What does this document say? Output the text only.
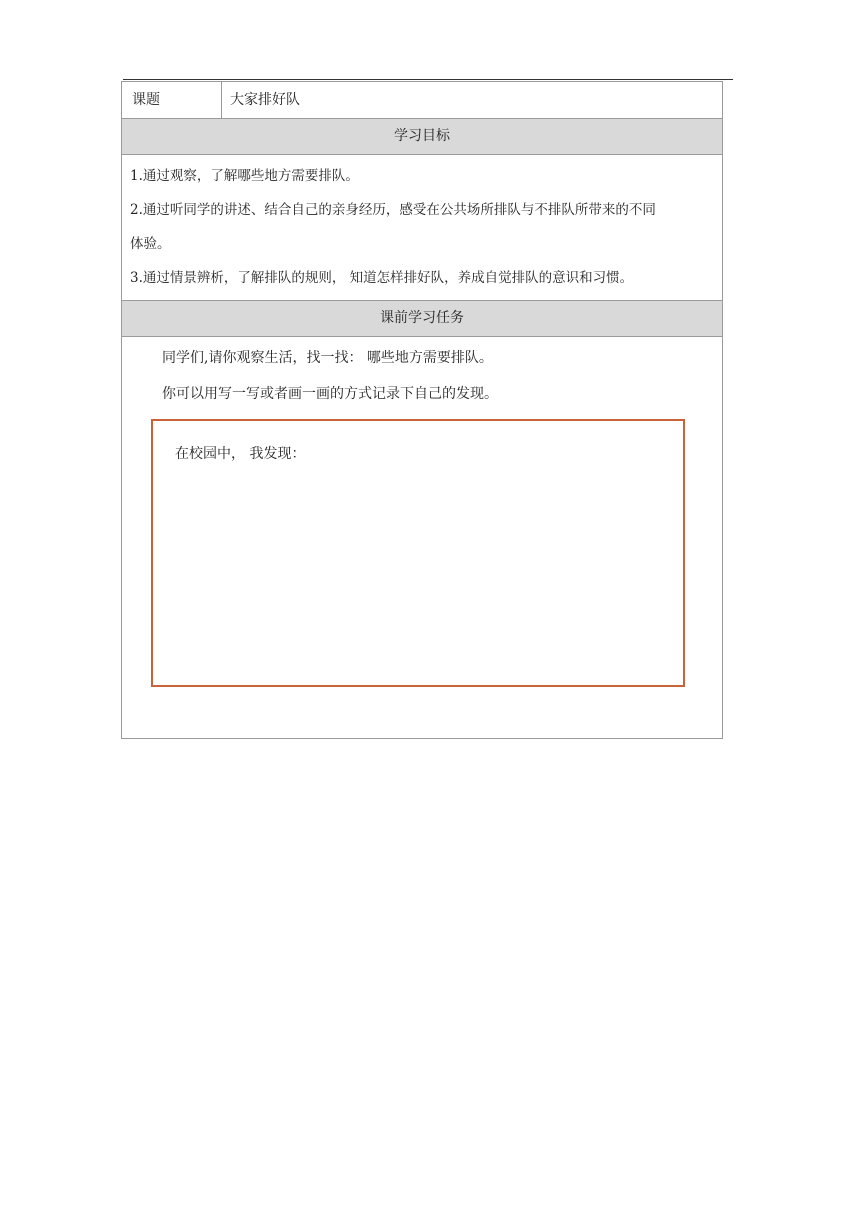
课题	大家排好队
学习目标

1.通过观察，了解哪些地方需要排队。

2.通过听同学的讲述、结合自己的亲身经历，感受在公共场所排队与不排队所带来的不同

体验。

3.通过情景辨析，了解排队的规则， 知道怎样排好队，养成自觉排队的意识和习惯。

课前学习任务

同学们,请你观察生活，找一找： 哪些地方需要排队。

你可以用写一写或者画一画的方式记录下自己的发现。

在校园中， 我发现：
